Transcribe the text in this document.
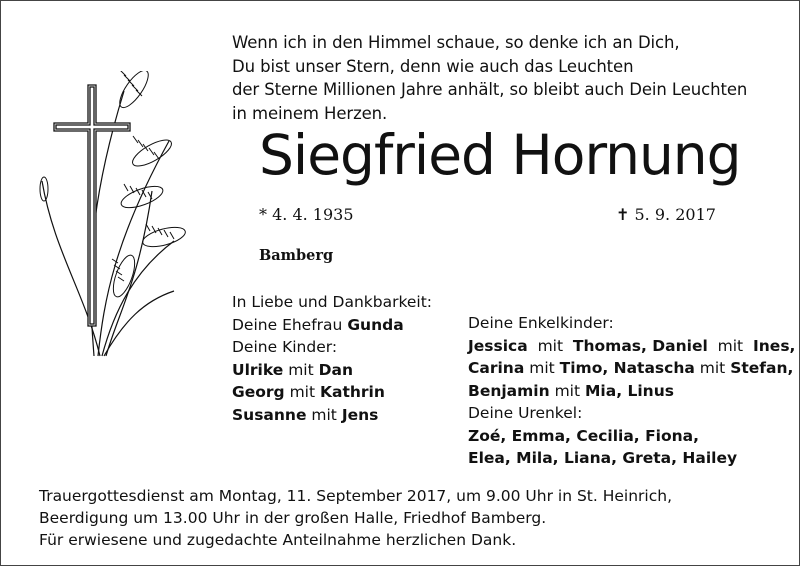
Wenn ich in den Himmel schaue, so denke ich an Dich,
Du bist unser Stern, denn wie auch das Leuchten
der Sterne Millionen Jahre anhält, so bleibt auch Dein Leuchten
in meinem Herzen.
Siegfried Hornung
* 4. 4. 1935	✝ 5. 9. 2017
Bamberg
In Liebe und Dankbarkeit:
Deine Ehefrau Gunda
Deine Kinder:
Ulrike mit Dan
Georg mit Kathrin
Susanne mit Jens
Deine Enkelkinder:
Jessica mit Thomas, Daniel mit Ines,
Carina mit Timo, Natascha mit Stefan,
Benjamin mit Mia, Linus
Deine Urenkel:
Zoé, Emma, Cecilia, Fiona,
Elea, Mila, Liana, Greta, Hailey
Trauergottesdienst am Montag, 11. September 2017, um 9.00 Uhr in St. Heinrich,
Beerdigung um 13.00 Uhr in der großen Halle, Friedhof Bamberg.
Für erwiesene und zugedachte Anteilnahme herzlichen Dank.
